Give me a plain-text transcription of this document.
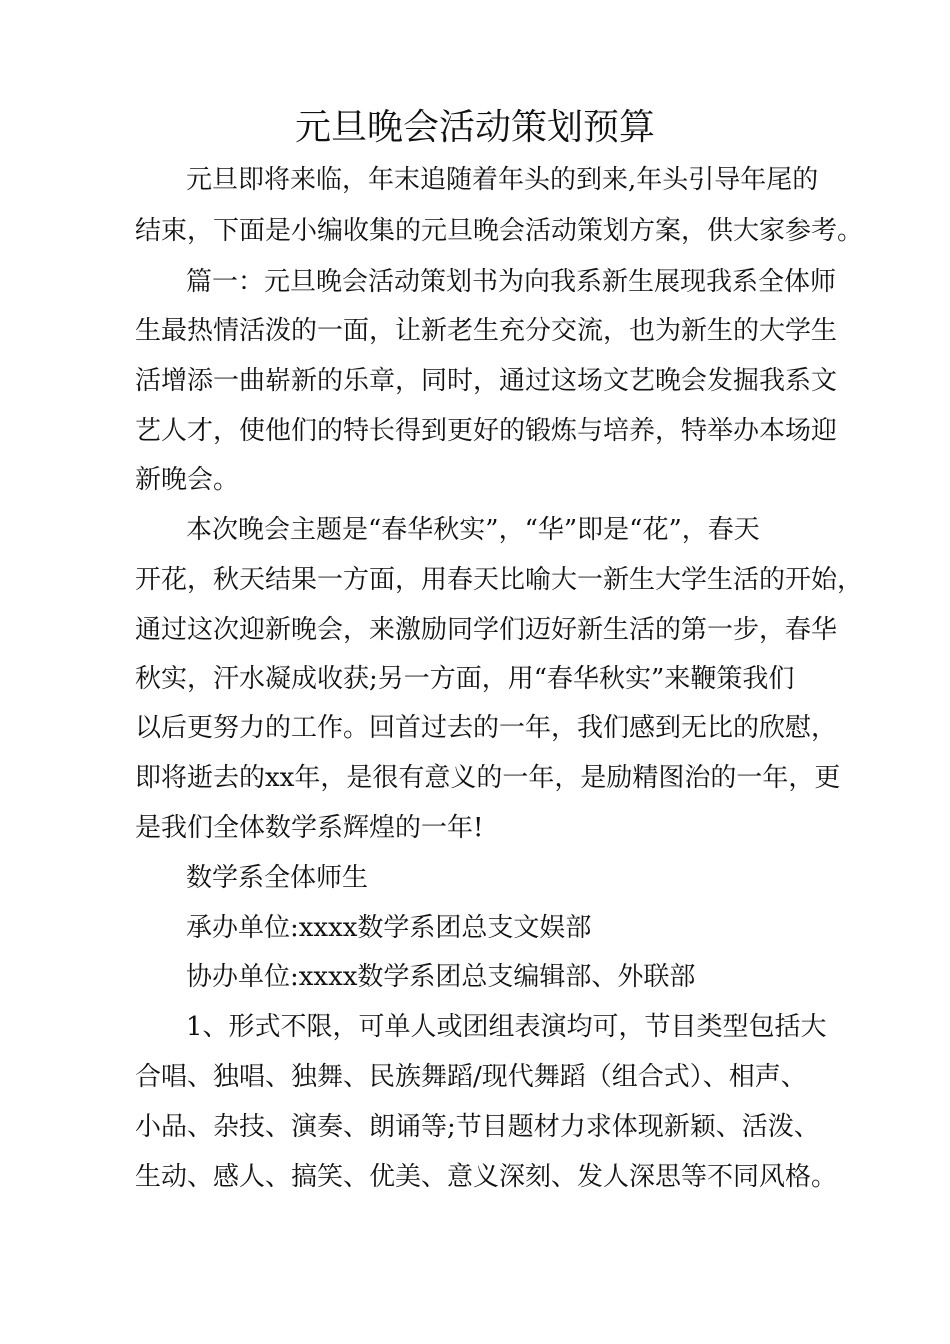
元旦晚会活动策划预算
元旦即将来临，年末追随着年头的到来,年头引导年尾的
结束，下面是小编收集的元旦晚会活动策划方案，供大家参考。
篇一：元旦晚会活动策划书为向我系新生展现我系全体师
生最热情活泼的一面，让新老生充分交流，也为新生的大学生
活增添一曲崭新的乐章，同时，通过这场文艺晚会发掘我系文
艺人才，使他们的特长得到更好的锻炼与培养，特举办本场迎
新晚会。
本次晚会主题是“春华秋实”，“华”即是“花”，春天
开花，秋天结果一方面，用春天比喻大一新生大学生活的开始，
通过这次迎新晚会，来激励同学们迈好新生活的第一步，春华
秋实，汗水凝成收获;另一方面，用“春华秋实”来鞭策我们
以后更努力的工作。回首过去的一年，我们感到无比的欣慰，
即将逝去的xx年，是很有意义的一年，是励精图治的一年，更
是我们全体数学系辉煌的一年!
数学系全体师生
承办单位:xxxx数学系团总支文娱部
协办单位:xxxx数学系团总支编辑部、外联部
1、形式不限，可单人或团组表演均可，节目类型包括大
合唱、独唱、独舞、民族舞蹈/现代舞蹈（组合式）、相声、
小品、杂技、演奏、朗诵等;节目题材力求体现新颖、活泼、
生动、感人、搞笑、优美、意义深刻、发人深思等不同风格。
